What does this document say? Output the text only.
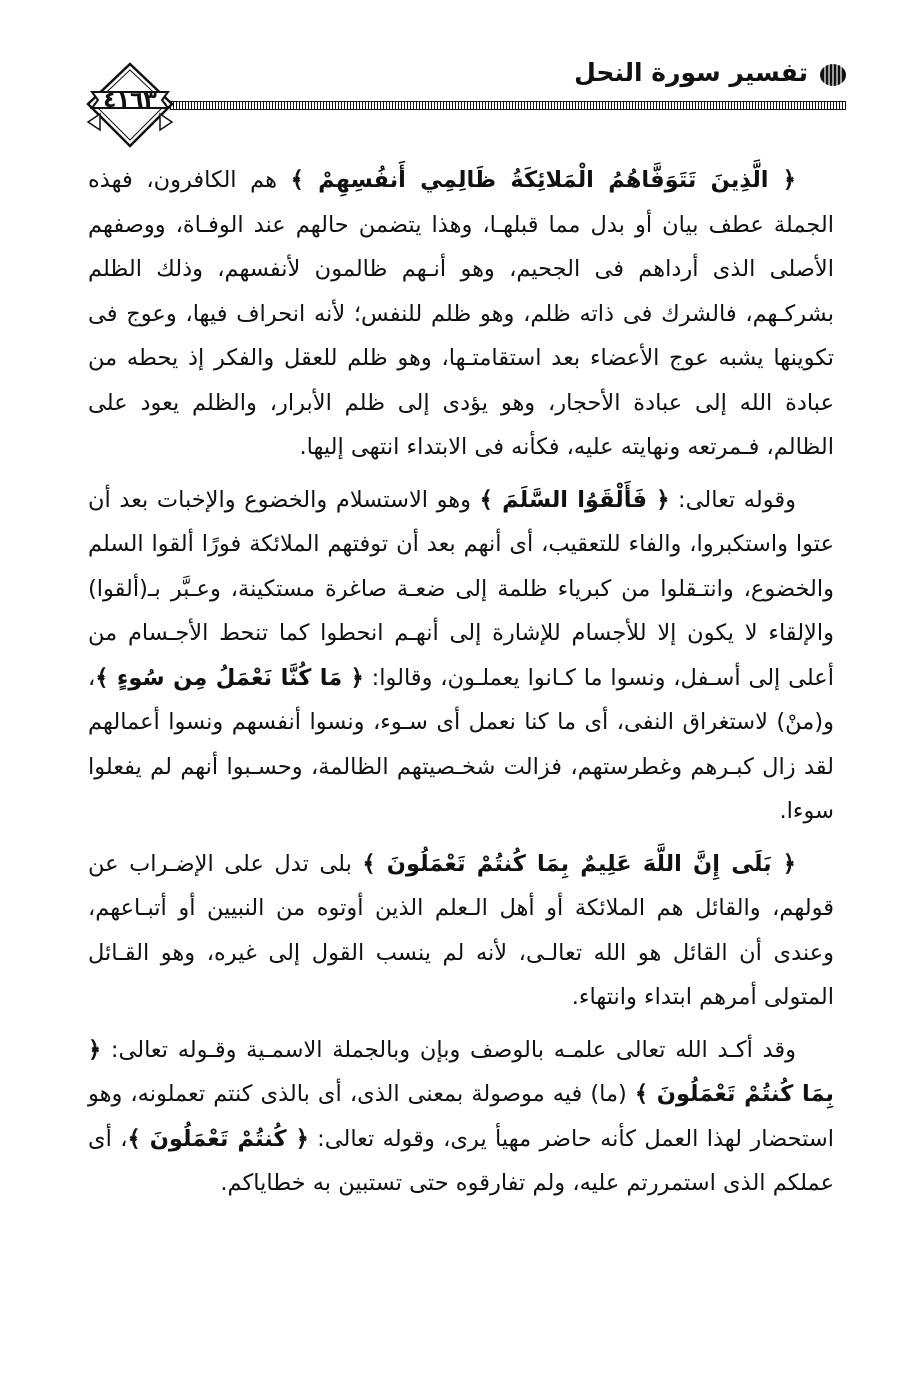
تفسير سورة النحل
٤١٦٣

﴿ الَّذِينَ تَتَوَفَّاهُمُ الْمَلائِكَةُ ظَالِمِي أَنفُسِهِمْ ﴾ هم الكافرون، فهذه الجملة عطف بيان أو بدل مما قبلهـا، وهذا يتضمن حالهم عند الوفـاة، ووصفهم الأصلى الذى أرداهم فى الجحيم، وهو أنـهم ظالمون لأنفسهم، وذلك الظلم بشركـهم، فالشرك فى ذاته ظلم، وهو ظلم للنفس؛ لأنه انحراف فيها، وعوج فى تكوينها يشبه عوج الأعضاء بعد استقامتـها، وهو ظلم للعقل والفكر إذ يحطه من عبادة الله إلى عبادة الأحجار، وهو يؤدى إلى ظلم الأبرار، والظلم يعود على الظالم، فـمرتعه ونهايته عليه، فكأنه فى الابتداء انتهى إليها.

وقوله تعالى: ﴿ فَأَلْقَوُا السَّلَمَ ﴾ وهو الاستسلام والخضوع والإخبات بعد أن عتوا واستكبروا، والفاء للتعقيب، أى أنهم بعد أن توفتهم الملائكة فورًا ألقوا السلم والخضوع، وانتـقلوا من كبرياء ظلمة إلى ضعـة صاغرة مستكينة، وعـبَّر بـ(ألقوا) والإلقاء لا يكون إلا للأجسام للإشارة إلى أنهـم انحطوا كما تنحط الأجـسام من أعلى إلى أسـفل، ونسوا ما كـانوا يعملـون، وقالوا: ﴿ مَا كُنَّا نَعْمَلُ مِن سُوءٍ ﴾، و(منْ) لاستغراق النفى، أى ما كنا نعمل أى سـوء، ونسوا أنفسهم ونسوا أعمالهم لقد زال كبـرهم وغطرستهم، فزالت شخـصيتهم الظالمة، وحسـبوا أنهم لم يفعلوا سوءا.

﴿ بَلَى إِنَّ اللَّهَ عَلِيمٌ بِمَا كُنتُمْ تَعْمَلُونَ ﴾ بلى تدل على الإضـراب عن قولهم، والقائل هم الملائكة أو أهل الـعلم الذين أوتوه من النبيين أو أتبـاعهم، وعندى أن القائل هو الله تعالـى، لأنه لم ينسب القول إلى غيره، وهو القـائل المتولى أمرهم ابتداء وانتهاء.

وقد أكـد الله تعالى علمـه بالوصف وبإن وبالجملة الاسمـية وقـوله تعالى: ﴿ بِمَا كُنتُمْ تَعْمَلُونَ ﴾ (ما) فيه موصولة بمعنى الذى، أى بالذى كنتم تعملونه، وهو استحضار لهذا العمل كأنه حاضر مهيأ يرى، وقوله تعالى: ﴿ كُنتُمْ تَعْمَلُونَ ﴾، أى عملكم الذى استمررتم عليه، ولم تفارقوه حتى تستبين به خطاياكم.
